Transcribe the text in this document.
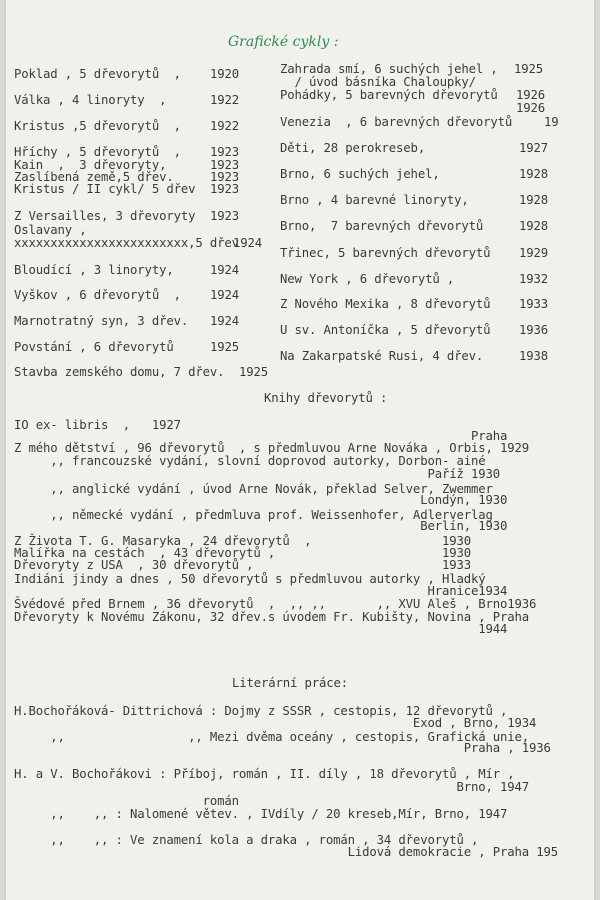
Grafické cykly :
Poklad , 5 dřevorytů  , 1920
Válka , 4 linoryty  ,	1922
Kristus ,5 dřevorytů  , 1922
Hříchy , 5 dřevorytů  , 1923
Kain  ,  3 dřevoryty,	1923
Zaslíbená země,5 dřev.	1923
Kristus / II cykl/ 5 dřev 1923
Z Versailles, 3 dřevoryty 1923
Oslavany ,
xxxxxxxxxxxxxxxxxxxxxxxx,5 dřev
1924
Bloudící , 3 linoryty,	1924
Vyškov , 6 dřevorytů  , 1924
Marnotratný syn, 3 dřev. 1924
Povstání , 6 dřevorytů	1925
Stavba zemského domu, 7 dřev. 1925
Zahrada smí, 6 suchých jehel , 1925
/ úvod básníka Chaloupky/
Pohádky, 5 barevných dřevorytů 1926
1926
Venezia  , 6 barevných dřevorytů	19
Děti, 28 perokreseb,	1927
Brno, 6 suchých jehel,	1928
Brno , 4 barevné linoryty,	1928
Brno,  7 barevných dřevorytů	1928
Třinec, 5 barevných dřevorytů 1929
New York , 6 dřevorytů ,	1932
Z Nového Mexika , 8 dřevorytů 1933
U sv. Antoníčka , 5 dřevorytů 1936
Na Zakarpatské Rusi, 4 dřev.	1938
Knihy dřevorytů :
IO ex- libris  ,   1927
Praha
Z mého dětství , 96 dřevorytů  , s předmluvou Arne Nováka , Orbis, 1929
,, francouzské vydání, slovní doprovod autorky, Dorbon- ainé
Paříž 1930
,, anglické vydání , úvod Arne Novák, překlad Selver, Zwemmer
Londýn, 1930
,, německé vydání , předmluva prof. Weissenhofer, Adlerverlag
Berlín, 1930
Z Života T. G. Masaryka , 24 dřevorytů  ,                  1930
Malířka na cestách  , 43 dřevorytů ,                       1930
Dřevoryty z USA  , 30 dřevorytů ,                          1933
Indiáni jindy a dnes , 50 dřevorytů s předmluvou autorky , Hladký
Hranice1934
Švédové před Brnem , 36 dřevorytů  ,  ,, ,,       ,, XVU Aleš , Brno1936
Dřevoryty k Novému Zákonu, 32 dřev.s úvodem Fr. Kubišty, Novina , Praha
1944
Literární práce:
H.Bochořáková- Dittrichová : Dojmy z SSSR , cestopis, 12 dřevorytů ,
Exod , Brno, 1934
,,                 ,, Mezi dvěma oceány , cestopis, Grafická unie,
Praha , 1936
H. a V. Bochořákovi : Příboj, román , II. díly , 18 dřevorytů , Mír ,
Brno, 1947
román
,,    ,, : Nalomené větev. , IVdíly / 20 kreseb,Mír, Brno, 1947
,,    ,, : Ve znamení kola a draka , román , 34 dřevorytů ,
Lidová demokracie , Praha 195
